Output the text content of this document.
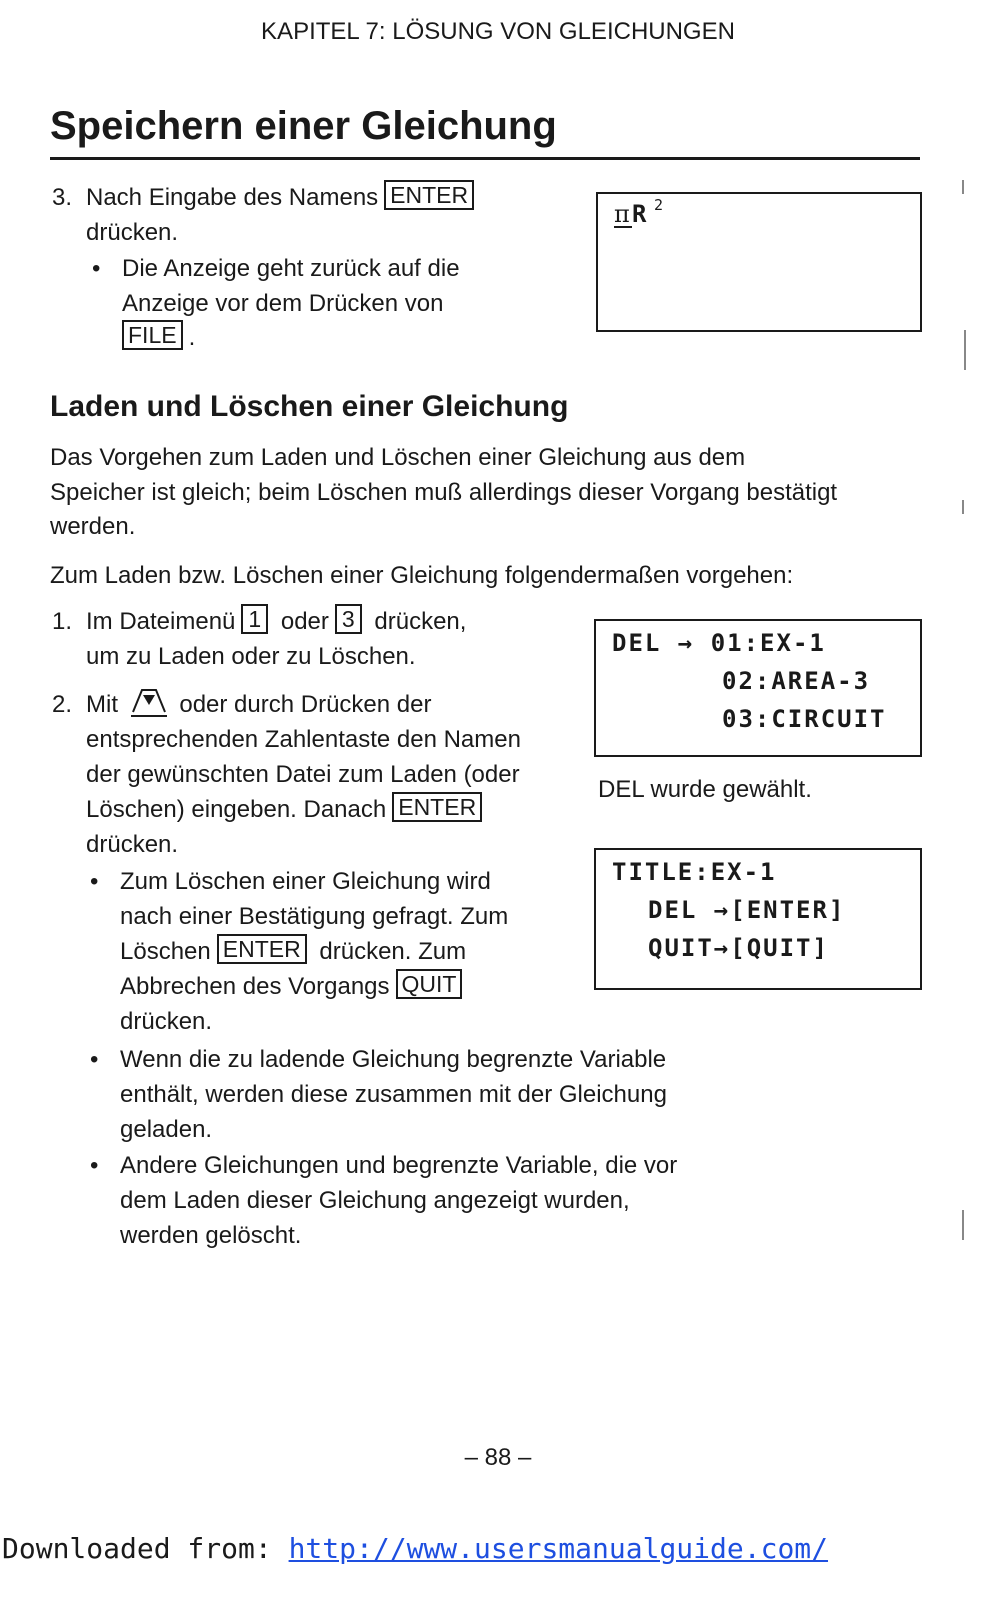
KAPITEL 7: LÖSUNG VON GLEICHUNGEN
Speichern einer Gleichung
3. Nach Eingabe des Namens ENTER
drücken.
• Die Anzeige geht zurück auf die
Anzeige vor dem Drücken von
FILE .
π R 2
Laden und Löschen einer Gleichung
Das Vorgehen zum Laden und Löschen einer Gleichung aus dem
Speicher ist gleich; beim Löschen muß allerdings dieser Vorgang bestätigt
werden.
Zum Laden bzw. Löschen einer Gleichung folgendermaßen vorgehen:
1. Im Dateimenü 1 oder 3 drücken,
um zu Laden oder zu Löschen.
2. Mit	oder durch Drücken der
entsprechenden Zahlentaste den Namen
der gewünschten Datei zum Laden (oder
Löschen) eingeben. Danach ENTER
drücken.
• Zum Löschen einer Gleichung wird
nach einer Bestätigung gefragt. Zum
Löschen ENTER drücken. Zum
Abbrechen des Vorgangs QUIT
drücken.
• Wenn die zu ladende Gleichung begrenzte Variable
enthält, werden diese zusammen mit der Gleichung
geladen.
• Andere Gleichungen und begrenzte Variable, die vor
dem Laden dieser Gleichung angezeigt wurden,
werden gelöscht.
DEL → 01:EX-1
02:AREA-3
03:CIRCUIT
DEL wurde gewählt.
TITLE:EX-1
DEL →[ENTER]
QUIT→[QUIT]
– 88 –
Downloaded from: http://www.usersmanualguide.com/
